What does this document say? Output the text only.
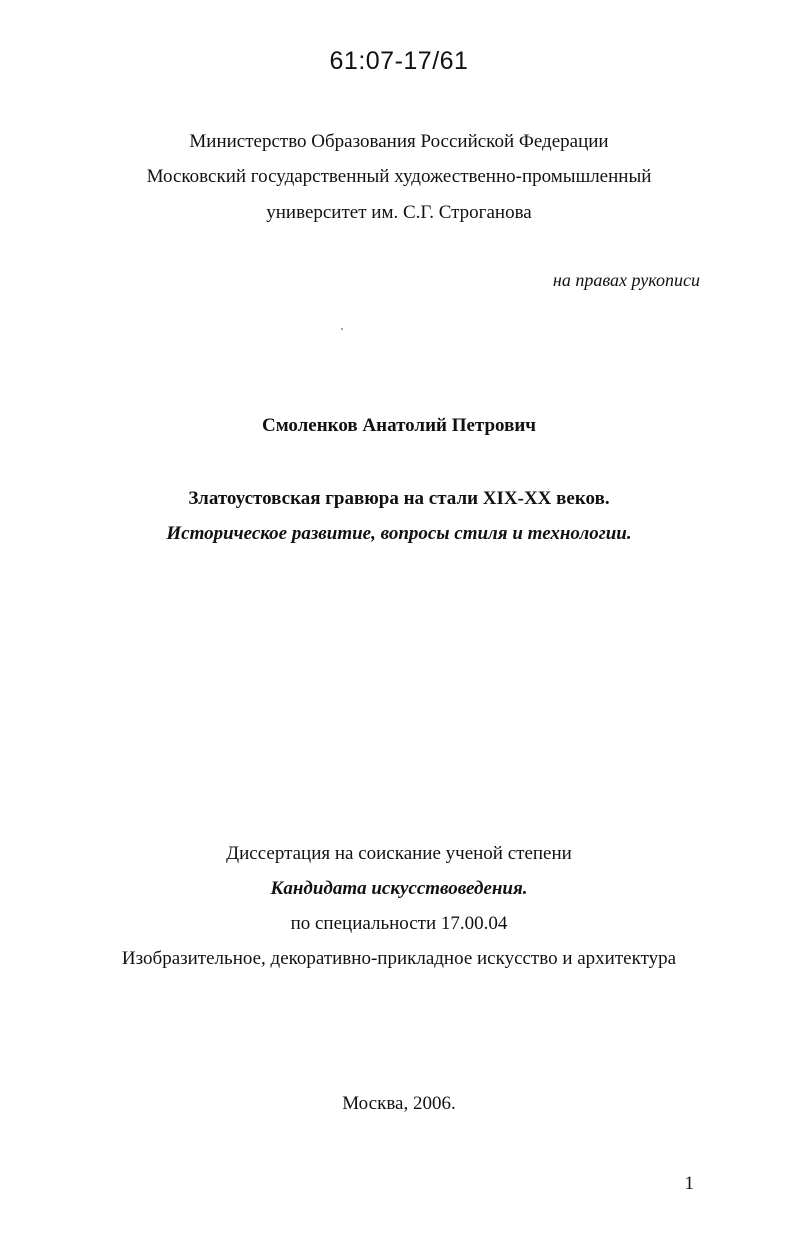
61:07-17/61
Министерство Образования Российской Федерации
Московский государственный художественно-промышленный
университет им. С.Г. Строганова
на правах рукописи
Смоленков Анатолий Петрович
Златоустовская гравюра на стали XIX-XX веков.
Историческое развитие, вопросы стиля и технологии.
Диссертация на соискание ученой степени
Кандидата искусствоведения.
по специальности 17.00.04
Изобразительное, декоративно-прикладное искусство и архитектура
Москва, 2006.
1
